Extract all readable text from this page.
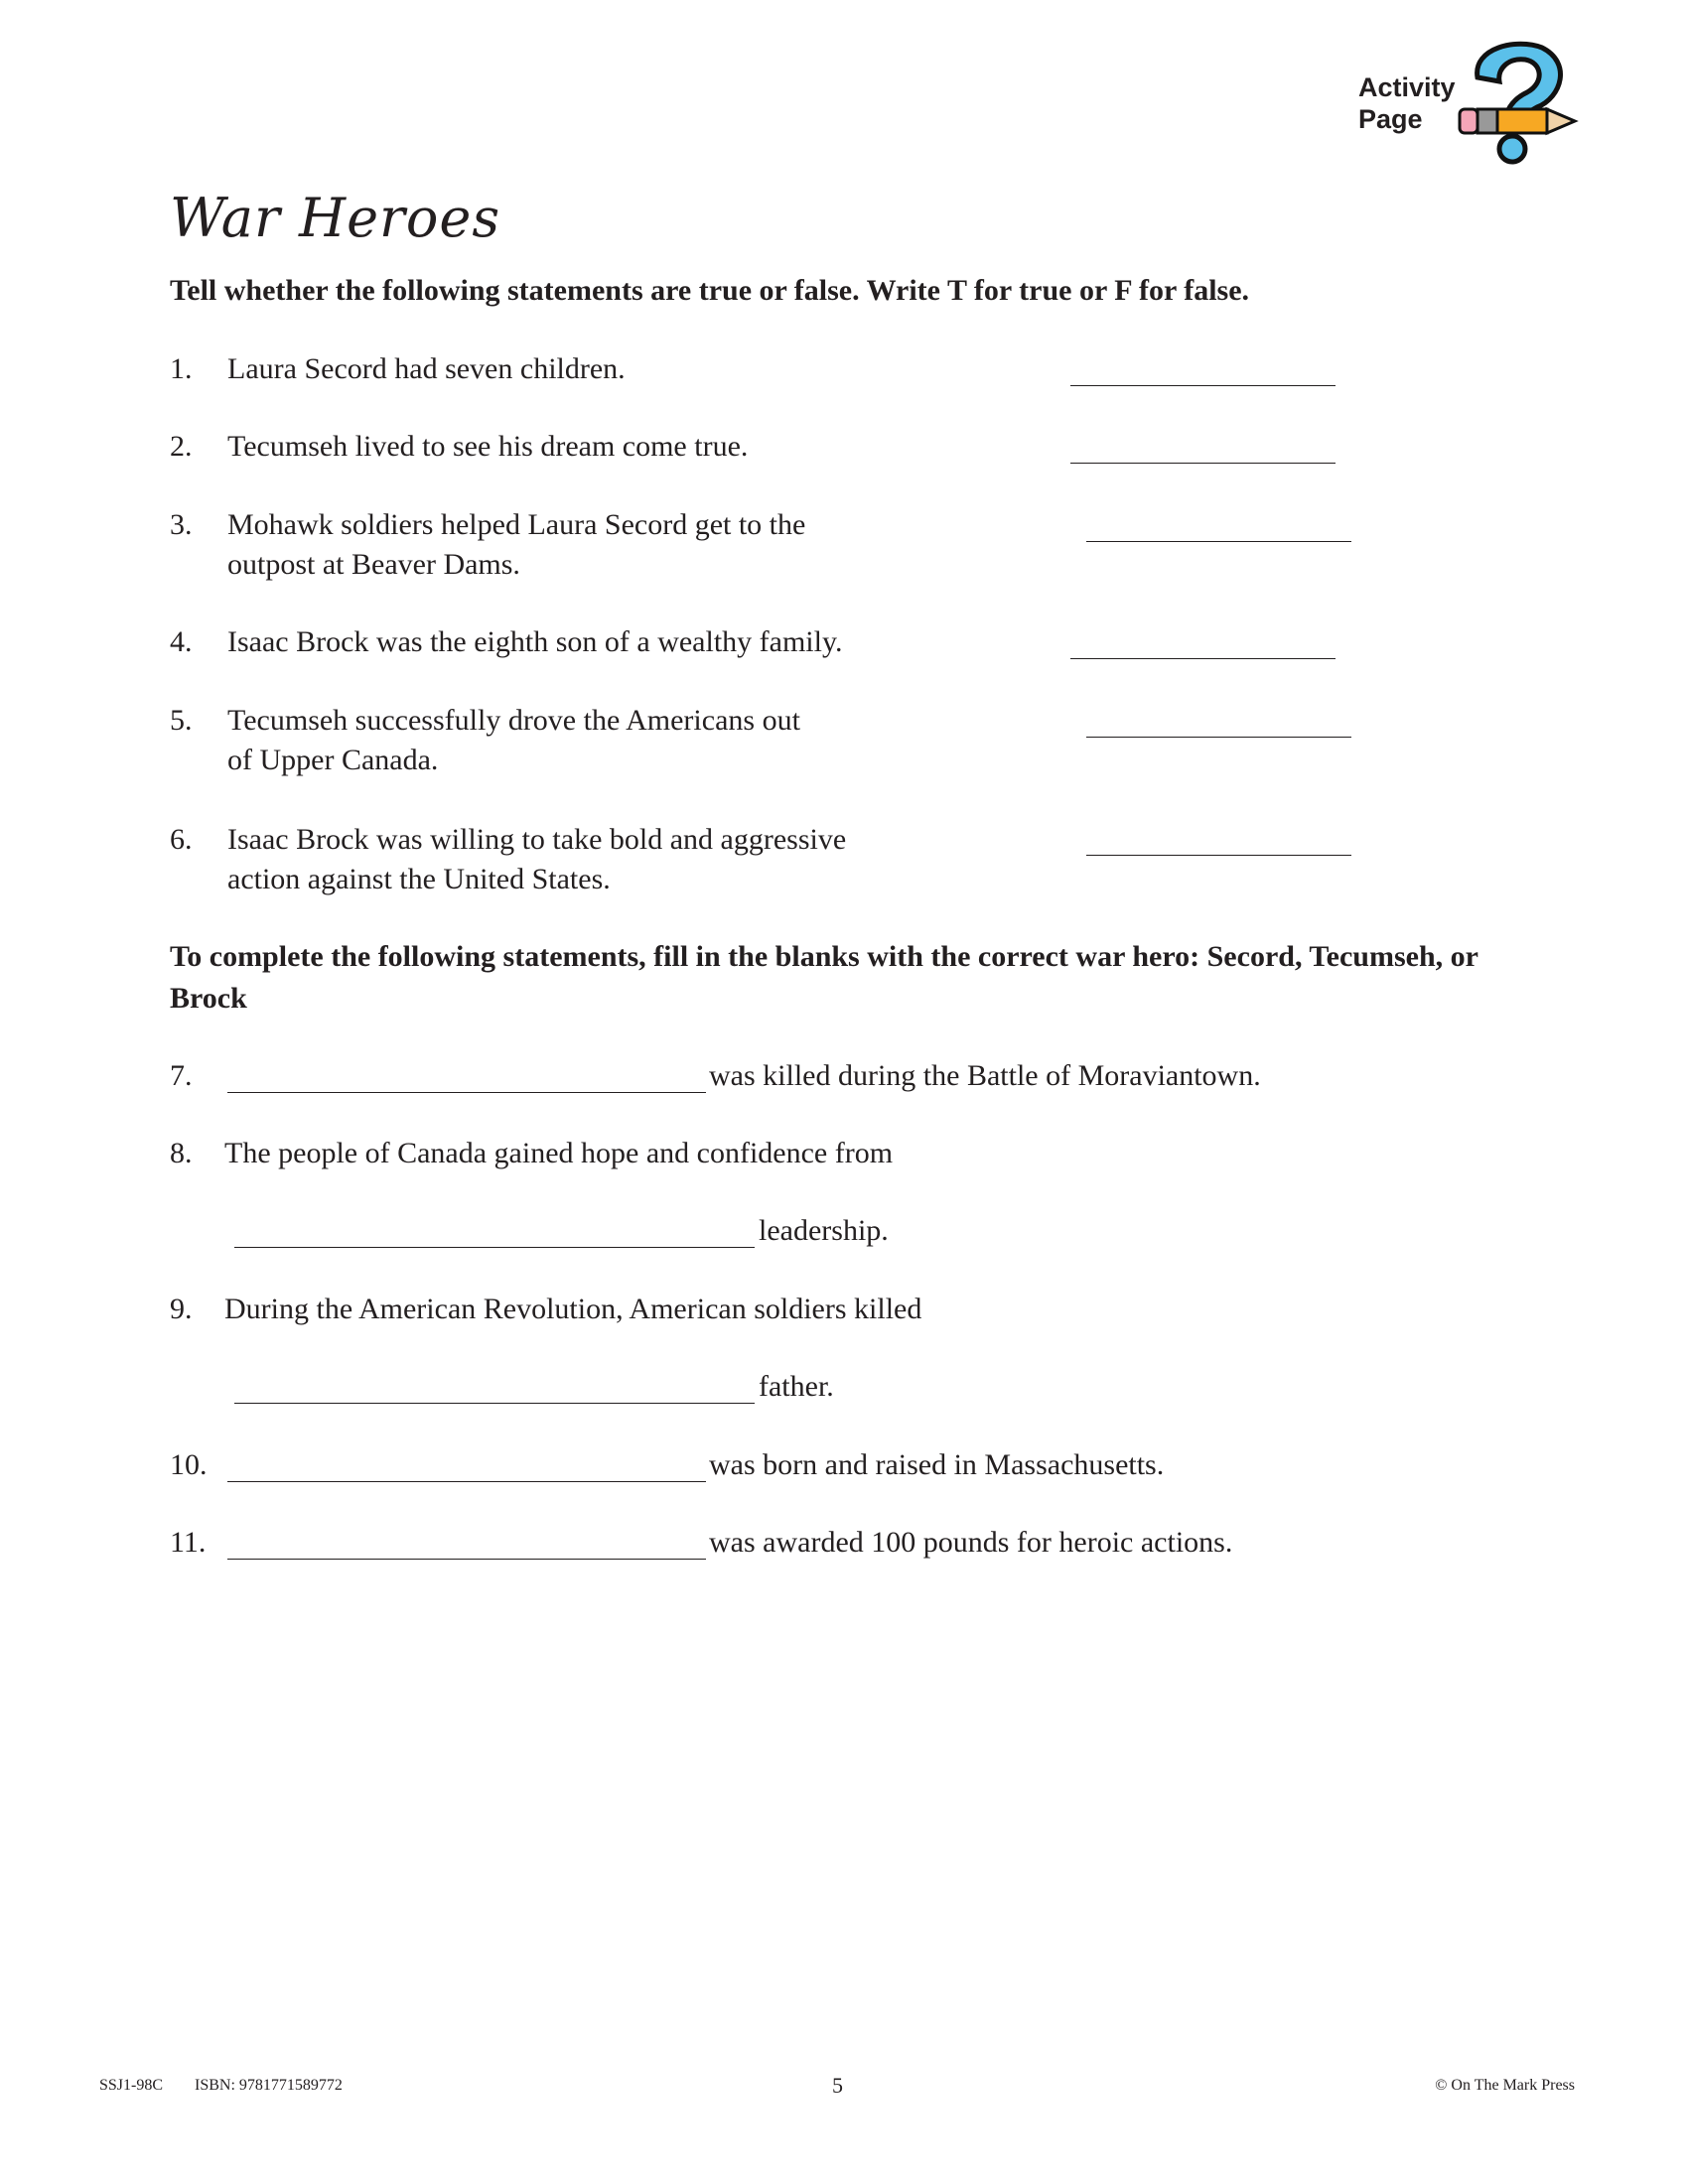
Activity
Page
War Heroes
Tell whether the following statements are true or false. Write T for true or F for false.
1. Laura Secord had seven children.
2. Tecumseh lived to see his dream come true.
3. Mohawk soldiers helped Laura Secord get to the
outpost at Beaver Dams.
4. Isaac Brock was the eighth son of a wealthy family.
5. Tecumseh successfully drove the Americans out
of Upper Canada.
6. Isaac Brock was willing to take bold and aggressive
action against the United States.
To complete the following statements, fill in the blanks with the correct war hero: Secord, Tecumseh, or Brock
7.	was killed during the Battle of Moraviantown.
8. The people of Canada gained hope and confidence from
leadership.
9. During the American Revolution, American soldiers killed
father.
10.	was born and raised in Massachusetts.
11.	was awarded 100 pounds for heroic actions.
SSJ1-98C ISBN: 9781771589772	5	© On The Mark Press
